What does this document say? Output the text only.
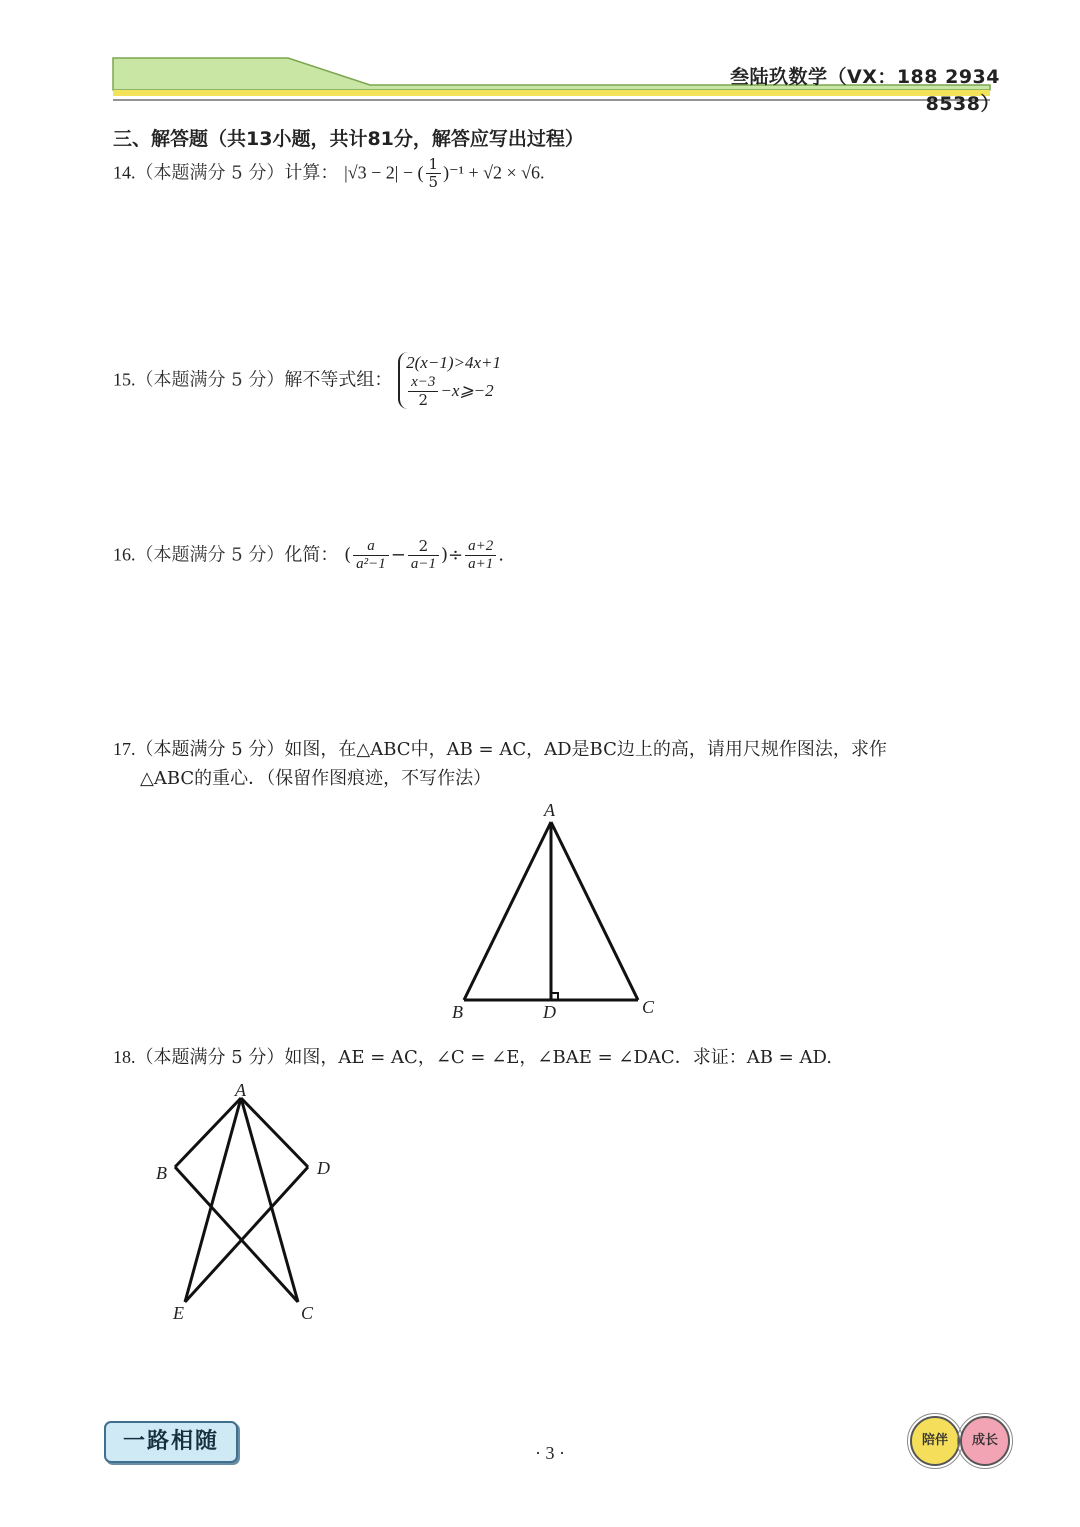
叁陆玖数学（VX：188 2934 8538）
三、解答题（共13小题，共计81分，解答应写出过程）
14.（本题满分 5 分）计算： |√3 − 2| − ( $\frac{1}{5} )^{-1} + √2 \times √6$.
15.（本题满分 5 分）解不等式组：
2(x−1)>4x+1
$\frac{x-3}{2}$ −x⩾−2
16.（本题满分 5 分）化简： ( $\frac{a}{\text{a²−1}} - \frac{2}{a-1}$ )÷ $\frac{a+2}{a+1}$ .
17.（本题满分 5 分）如图，在△ABC中，AB = AC，AD是BC边上的高，请用尺规作图法，求作
△ABC的重心．（保留作图痕迹，不写作法）
A
B	D	C
18.（本题满分 5 分）如图，AE = AC，∠C = ∠E，∠BAE = ∠DAC．求证：AB = AD.
A
B	D
E	C
一路相随	· 3 ·
陪伴	成长
